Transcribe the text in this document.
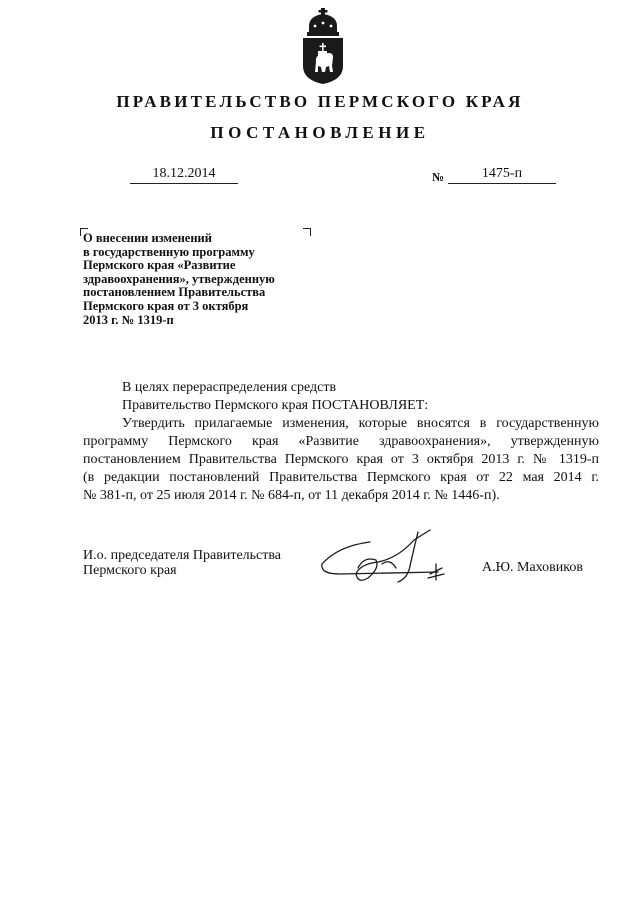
ПРАВИТЕЛЬСТВО ПЕРМСКОГО КРАЯ
ПОСТАНОВЛЕНИЕ
18.12.2014	№	1475-п
О внесении изменений
в государственную программу
Пермского края «Развитие
здравоохранения», утвержденную
постановлением Правительства
Пермского края от 3 октября
2013 г. № 1319-п
В целях перераспределения средств
Правительство Пермского края ПОСТАНОВЛЯЕТ:
Утвердить прилагаемые изменения, которые вносятся в государственную
программу Пермского края «Развитие здравоохранения», утвержденную
постановлением Правительства Пермского края от 3 октября 2013 г. № 1319-п
(в редакции постановлений Правительства Пермского края от 22 мая 2014 г.
№ 381-п, от 25 июля 2014 г. № 684-п, от 11 декабря 2014 г. № 1446-п).
И.о. председателя Правительства
Пермского края	А.Ю. Маховиков
